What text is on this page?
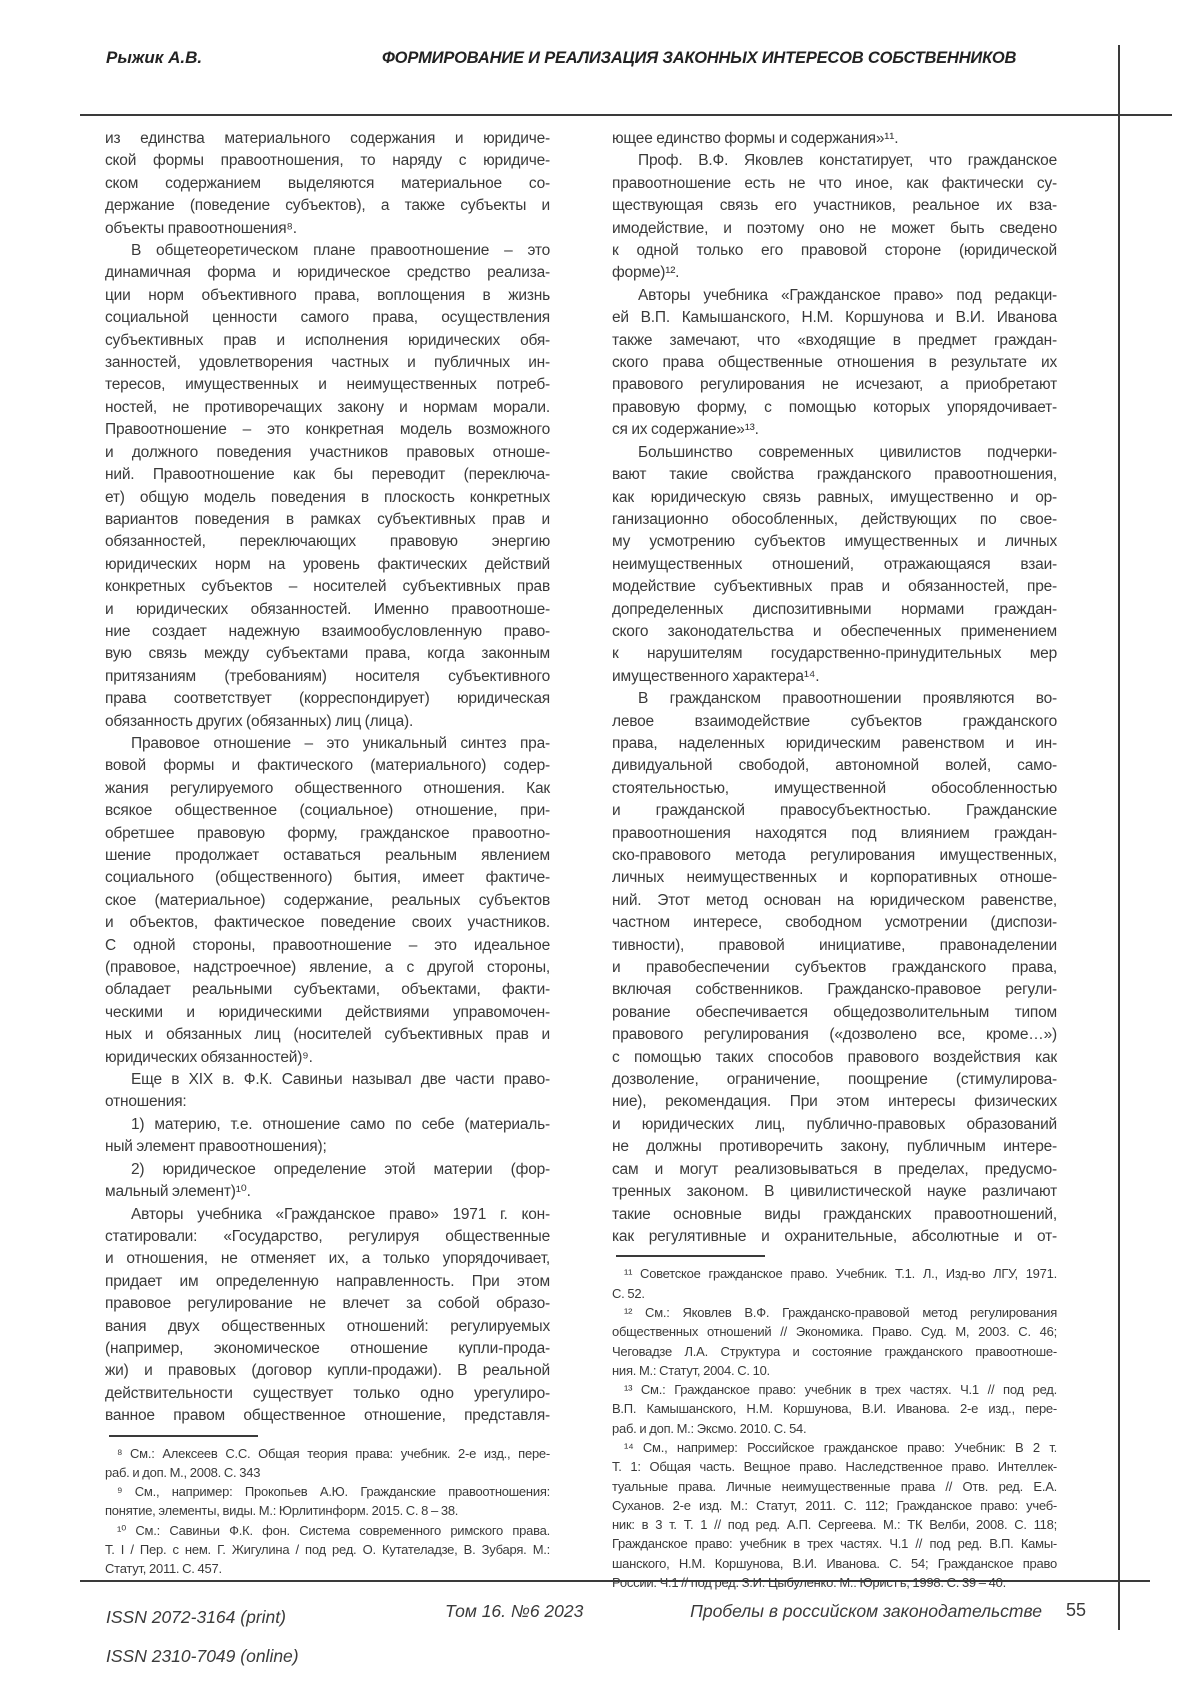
Рыжик А.В.	ФОРМИРОВАНИЕ И РЕАЛИЗАЦИЯ ЗАКОННЫХ ИНТЕРЕСОВ СОБСТВЕННИКОВ
из единства материального содержания и юридиче-
ской формы правоотношения, то наряду с юридиче-
ском содержанием выделяются материальное со-
держание (поведение субъектов), а также субъекты и
объекты правоотношения⁸.
В общетеоретическом плане правоотношение – это
динамичная форма и юридическое средство реализа-
ции норм объективного права, воплощения в жизнь
социальной ценности самого права, осуществления
субъективных прав и исполнения юридических обя-
занностей, удовлетворения частных и публичных ин-
тересов, имущественных и неимущественных потреб-
ностей, не противоречащих закону и нормам морали.
Правоотношение – это конкретная модель возможного
и должного поведения участников правовых отноше-
ний. Правоотношение как бы переводит (переключа-
ет) общую модель поведения в плоскость конкретных
вариантов поведения в рамках субъективных прав и
обязанностей, переключающих правовую энергию
юридических норм на уровень фактических действий
конкретных субъектов – носителей субъективных прав
и юридических обязанностей. Именно правоотноше-
ние создает надежную взаимообусловленную право-
вую связь между субъектами права, когда законным
притязаниям (требованиям) носителя субъективного
права соответствует (корреспондирует) юридическая
обязанность других (обязанных) лиц (лица).
Правовое отношение – это уникальный синтез пра-
вовой формы и фактического (материального) содер-
жания регулируемого общественного отношения. Как
всякое общественное (социальное) отношение, при-
обретшее правовую форму, гражданское правоотно-
шение продолжает оставаться реальным явлением
социального (общественного) бытия, имеет фактиче-
ское (материальное) содержание, реальных субъектов
и объектов, фактическое поведение своих участников.
С одной стороны, правоотношение – это идеальное
(правовое, надстроечное) явление, а с другой стороны,
обладает реальными субъектами, объектами, факти-
ческими и юридическими действиями управомочен-
ных и обязанных лиц (носителей субъективных прав и
юридических обязанностей)⁹.
Еще в XIX в. Ф.К. Савиньи называл две части право-
отношения:
1) материю, т.е. отношение само по себе (материаль-
ный элемент правоотношения);
2) юридическое определение этой материи (фор-
мальный элемент)¹⁰.
Авторы учебника «Гражданское право» 1971 г. кон-
статировали: «Государство, регулируя общественные
и отношения, не отменяет их, а только упорядочивает,
придает им определенную направленность. При этом
правовое регулирование не влечет за собой образо-
вания двух общественных отношений: регулируемых
(например, экономическое отношение купли-прода-
жи) и правовых (договор купли-продажи). В реальной
действительности существует только одно урегулиро-
ванное правом общественное отношение, представля-
⁸ См.: Алексеев С.С. Общая теория права: учебник. 2-е изд., пере-
раб. и доп. М., 2008. С. 343
⁹ См., например: Прокопьев А.Ю. Гражданские правоотношения:
понятие, элементы, виды. М.: Юрлитинформ. 2015. С. 8 – 38.
¹⁰ См.: Савиньи Ф.К. фон. Система современного римского права.
Т. I / Пер. с нем. Г. Жигулина / под ред. О. Кутателадзе, В. Зубаря. М.:
Статут, 2011. С. 457.
ющее единство формы и содержания»¹¹.
Проф. В.Ф. Яковлев констатирует, что гражданское
правоотношение есть не что иное, как фактически су-
ществующая связь его участников, реальное их вза-
имодействие, и поэтому оно не может быть сведено
к одной только его правовой стороне (юридической
форме)¹².
Авторы учебника «Гражданское право» под редакци-
ей В.П. Камышанского, Н.М. Коршунова и В.И. Иванова
также замечают, что «входящие в предмет граждан-
ского права общественные отношения в результате их
правового регулирования не исчезают, а приобретают
правовую форму, с помощью которых упорядочивает-
ся их содержание»¹³.
Большинство современных цивилистов подчерки-
вают такие свойства гражданского правоотношения,
как юридическую связь равных, имущественно и ор-
ганизационно обособленных, действующих по свое-
му усмотрению субъектов имущественных и личных
неимущественных отношений, отражающаяся взаи-
модействие субъективных прав и обязанностей, пре-
допределенных диспозитивными нормами граждан-
ского законодательства и обеспеченных применением
к нарушителям государственно-принудительных мер
имущественного характера¹⁴.
В гражданском правоотношении проявляются во-
левое взаимодействие субъектов гражданского
права, наделенных юридическим равенством и ин-
дивидуальной свободой, автономной волей, само-
стоятельностью, имущественной обособленностью
и гражданской правосубъектностью. Гражданские
правоотношения находятся под влиянием граждан-
ско-правового метода регулирования имущественных,
личных неимущественных и корпоративных отноше-
ний. Этот метод основан на юридическом равенстве,
частном интересе, свободном усмотрении (диспози-
тивности), правовой инициативе, правонаделении
и правобеспечении субъектов гражданского права,
включая собственников. Гражданско-правовое регули-
рование обеспечивается общедозволительным типом
правового регулирования («дозволено все, кроме…»)
с помощью таких способов правового воздействия как
дозволение, ограничение, поощрение (стимулирова-
ние), рекомендация. При этом интересы физических
и юридических лиц, публично-правовых образований
не должны противоречить закону, публичным интере-
сам и могут реализовываться в пределах, предусмо-
тренных законом. В цивилистической науке различают
такие основные виды гражданских правоотношений,
как регулятивные и охранительные, абсолютные и от-
¹¹ Советское гражданское право. Учебник. Т.1. Л., Изд-во ЛГУ, 1971.
С. 52.
¹² См.: Яковлев В.Ф. Гражданско-правовой метод регулирования
общественных отношений // Экономика. Право. Суд. М, 2003. С. 46;
Чеговадзе Л.А. Структура и состояние гражданского правоотноше-
ния. М.: Статут, 2004. С. 10.
¹³ См.: Гражданское право: учебник в трех частях. Ч.1 // под ред.
В.П. Камышанского, Н.М. Коршунова, В.И. Иванова. 2-е изд., пере-
раб. и доп. М.: Эксмо. 2010. С. 54.
¹⁴ См., например: Российское гражданское право: Учебник: В 2 т.
Т. 1: Общая часть. Вещное право. Наследственное право. Интеллек-
туальные права. Личные неимущественные права // Отв. ред. Е.А.
Суханов. 2-е изд. М.: Статут, 2011. С. 112; Гражданское право: учеб-
ник: в 3 т. Т. 1 // под ред. А.П. Сергеева. М.: ТК Велби, 2008. С. 118;
Гражданское право: учебник в трех частях. Ч.1 // под ред. В.П. Камы-
шанского, Н.М. Коршунова, В.И. Иванова. С. 54; Гражданское право
России. Ч.1 // под ред. З.И. Цыбуленко. М.: Юристъ, 1998. С. 39 – 40.
ISSN 2072-3164 (print)
ISSN 2310-7049 (online)
Том 16. №6 2023	Пробелы в российском законодательстве 55
